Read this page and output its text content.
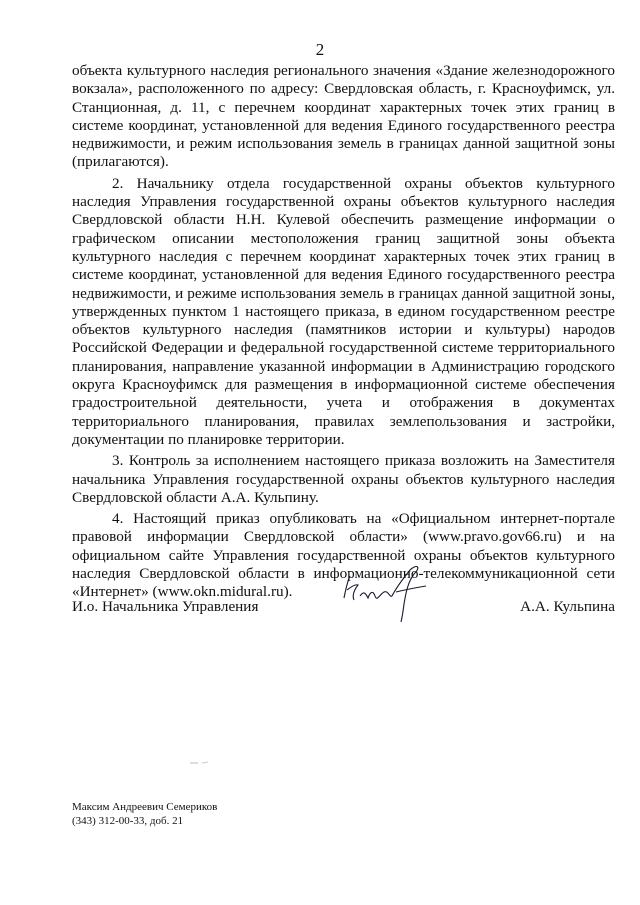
2

объекта культурного наследия регионального значения «Здание железнодорожного вокзала», расположенного по адресу: Свердловская область, г. Красноуфимск, ул. Станционная, д. 11, с перечнем координат характерных точек этих границ в системе координат, установленной для ведения Единого государственного реестра недвижимости, и режим использования земель в границах данной защитной зоны (прилагаются).

2. Начальнику отдела государственной охраны объектов культурного наследия Управления государственной охраны объектов культурного наследия Свердловской области Н.Н. Кулевой обеспечить размещение информации о графическом описании местоположения границ защитной зоны объекта культурного наследия с перечнем координат характерных точек этих границ в системе координат, установленной для ведения Единого государственного реестра недвижимости, и режиме использования земель в границах данной защитной зоны, утвержденных пунктом 1 настоящего приказа, в едином государственном реестре объектов культурного наследия (памятников истории и культуры) народов Российской Федерации и федеральной государственной системе территориального планирования, направление указанной информации в Администрацию городского округа Красноуфимск для размещения в информационной системе обеспечения градостроительной деятельности, учета и отображения в документах территориального планирования, правилах землепользования и застройки, документации по планировке территории.

3. Контроль за исполнением настоящего приказа возложить на Заместителя начальника Управления государственной охраны объектов культурного наследия Свердловской области А.А. Кульпину.

4. Настоящий приказ опубликовать на «Официальном интернет-портале правовой информации Свердловской области» (www.pravo.gov66.ru) и на официальном сайте Управления государственной охраны объектов культурного наследия Свердловской области в информационно-телекоммуникационной сети «Интернет» (www.okn.midural.ru).

И.о. Начальника Управления	А.А. Кульпина
Максим Андреевич Семериков
(343) 312-00-33, доб. 21
